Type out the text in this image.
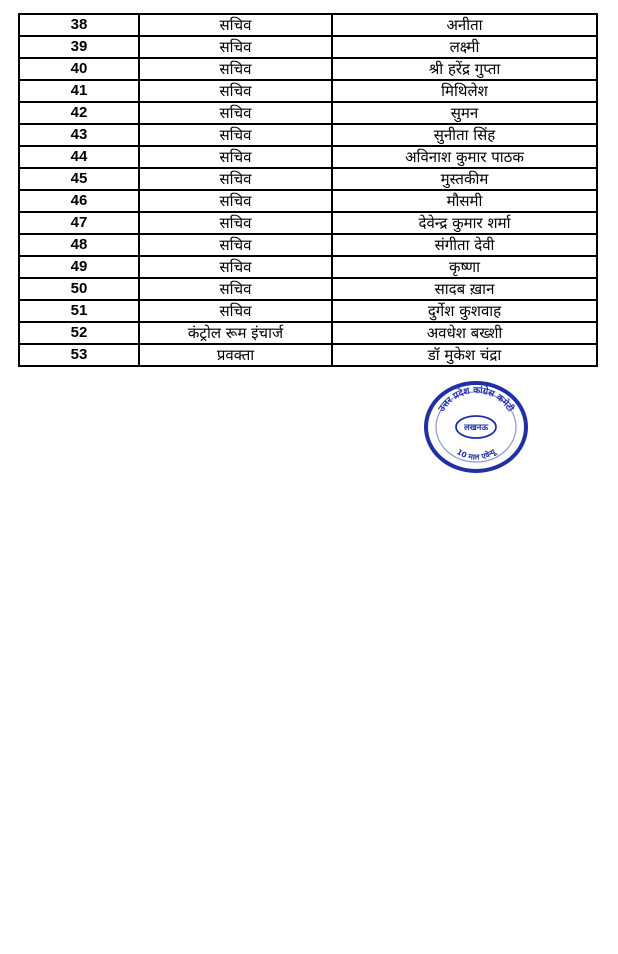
38	सचिव	अनीता
39	सचिव	लक्ष्मी
40	सचिव	श्री हरेंद्र गुप्ता
41	सचिव	मिथिलेश
42	सचिव	सुमन
43	सचिव	सुनीता सिंह
44	सचिव	अविनाश कुमार पाठक
45	सचिव	मुस्तकीम
46	सचिव	मौसमी
47	सचिव	देवेन्द्र कुमार शर्मा
48	सचिव	संगीता देवी
49	सचिव	कृष्णा
50	सचिव	सादब ख़ान
51	सचिव	दुर्गेश कुशवाह
52	कंट्रोल रूम इंचार्ज	अवधेश बख्शी
53	प्रवक्ता	डॉ मुकेश चंद्रा
उत्तर प्रदेश कांग्रेस कमेटी
लखनऊ
10 माल एवेन्यू
